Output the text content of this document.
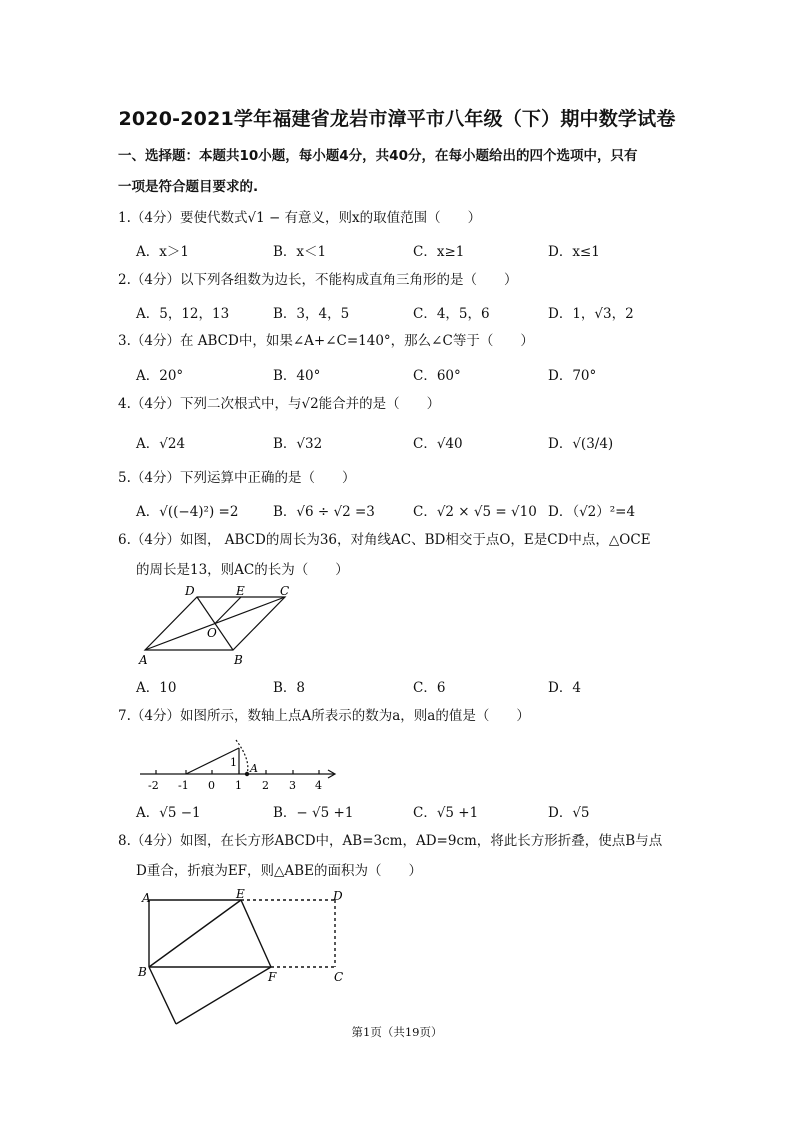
2020-2021学年福建省龙岩市漳平市八年级（下）期中数学试卷
一、选择题：本题共10小题，每小题4分，共40分，在每小题给出的四个选项中，只有
一项是符合题目要求的.
1.（4分）要使代数式√1 − 有意义，则x的取值范围（　　）
A．x＞1	B．x＜1	C．x≥1	D．x≤1
2.（4分）以下列各组数为边长，不能构成直角三角形的是（　　）
A．5，12，13	B．3，4，5	C．4，5，6	D．1，√3，2
3.（4分）在 ABCD中，如果∠A+∠C=140°，那么∠C等于（　　）
A．20°	B．40°	C．60°	D．70°
4.（4分）下列二次根式中，与√2能合并的是（　　）
A．√24	B．√32	C．√40	D．√(3/4)
5.（4分）下列运算中正确的是（　　）
A．√((−4)²) =2	B．√6 ÷ √2 =3	C．√2 × √5 = √10 D．（√2）²=4
6.（4分）如图， ABCD的周长为36，对角线AC、BD相交于点O，E是CD中点，△OCE
的周长是13，则AC的长为（　　）
D	E	C
O
A	B
A．10	B．8	C．6	D．4
7.（4分）如图所示，数轴上点A所表示的数为a，则a的值是（　　）
-2 -1 0 1 2 3 4
1 A
A．√5 −1	B．− √5 +1	C．√5 +1	D．√5
8.（4分）如图，在长方形ABCD中，AB=3cm，AD=9cm，将此长方形折叠，使点B与点
D重合，折痕为EF，则△ABE的面积为（　　）
A	E	D
B	F	C
第1页（共19页）
